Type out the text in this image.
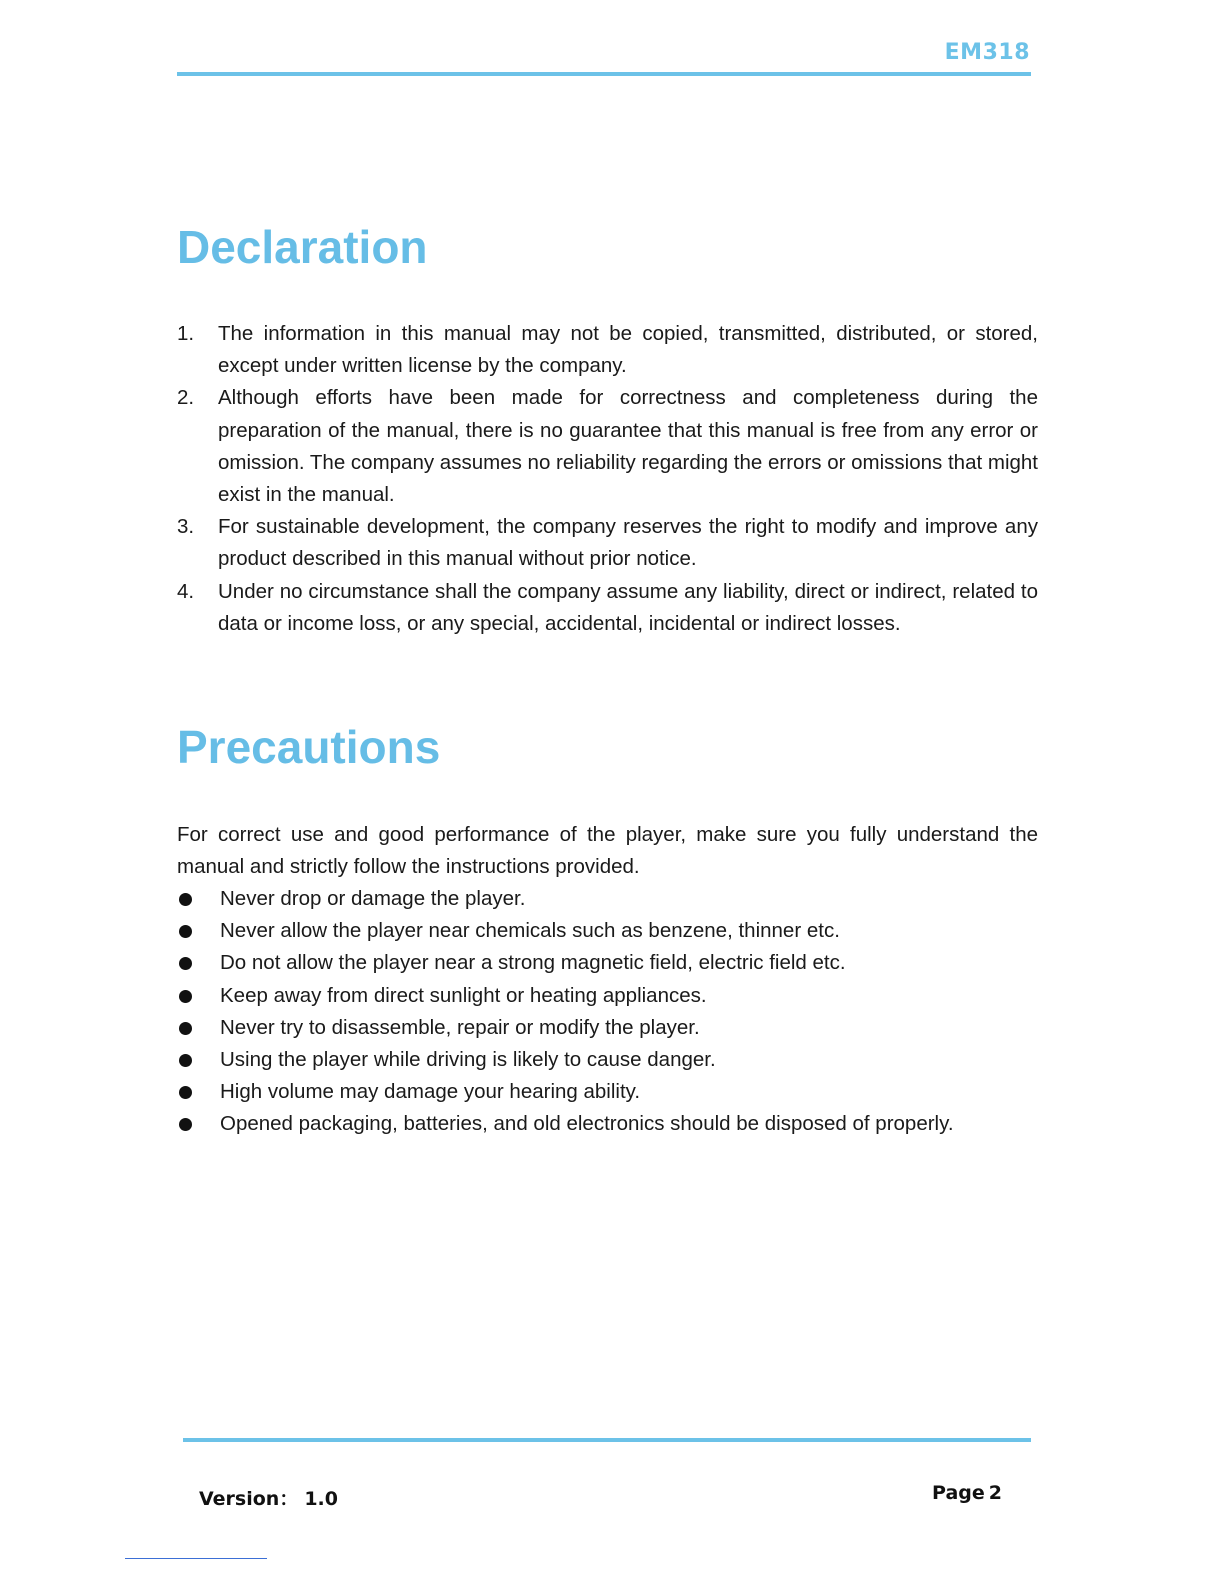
EM318
Declaration
1. The information in this manual may not be copied, transmitted, distributed, or stored, except under written license by the company.
2. Although efforts have been made for correctness and completeness during the preparation of the manual, there is no guarantee that this manual is free from any error or omission. The company assumes no reliability regarding the errors or omissions that might exist in the manual.
3. For sustainable development, the company reserves the right to modify and improve any product described in this manual without prior notice.
4. Under no circumstance shall the company assume any liability, direct or indirect, related to data or income loss, or any special, accidental, incidental or indirect losses.
Precautions

For correct use and good performance of the player, make sure you fully understand the manual and strictly follow the instructions provided.

Never drop or damage the player.
Never allow the player near chemicals such as benzene, thinner etc.
Do not allow the player near a strong magnetic field, electric field etc.
Keep away from direct sunlight or heating appliances.
Never try to disassemble, repair or modify the player.
Using the player while driving is likely to cause danger.
High volume may damage your hearing ability.
Opened packaging, batteries, and old electronics should be disposed of properly.
Version： 1.0	Page 2
